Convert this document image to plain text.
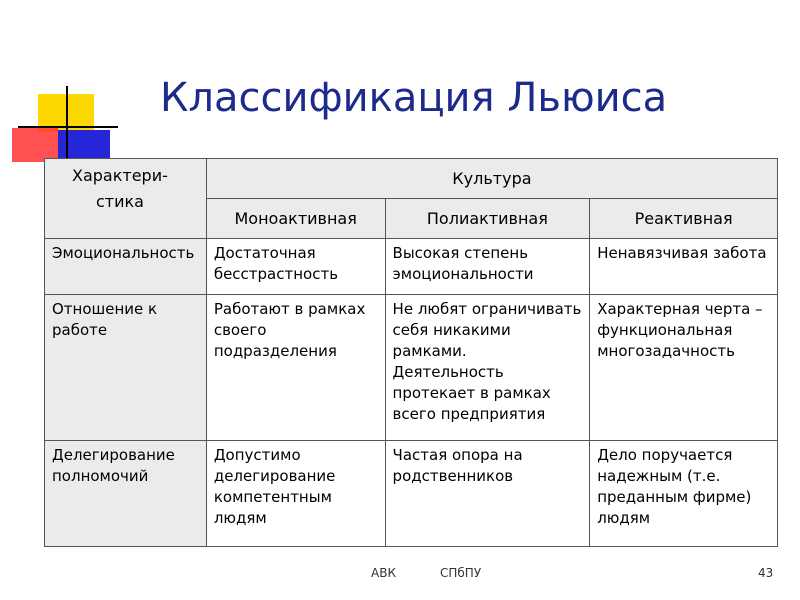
Классификация Льюиса
Характери-
стика	Культура		
	Моноактивная	Полиактивная	Реактивная
Эмоциональность	Достаточная бесстрастность	Высокая степень эмоциональности	Ненавязчивая забота
Отношение к работе	Работают в рамках своего подразделения	Не любят ограничивать себя никакими рамками. Деятельность протекает в рамках всего предприятия	Характерная черта – функциональная многозадачность
Делегирование полномочий	Допустимо делегирование компетентным людям	Частая опора на родственников	Дело поручается надежным (т.е. преданным фирме) людям
АВК	СПбПУ	43
